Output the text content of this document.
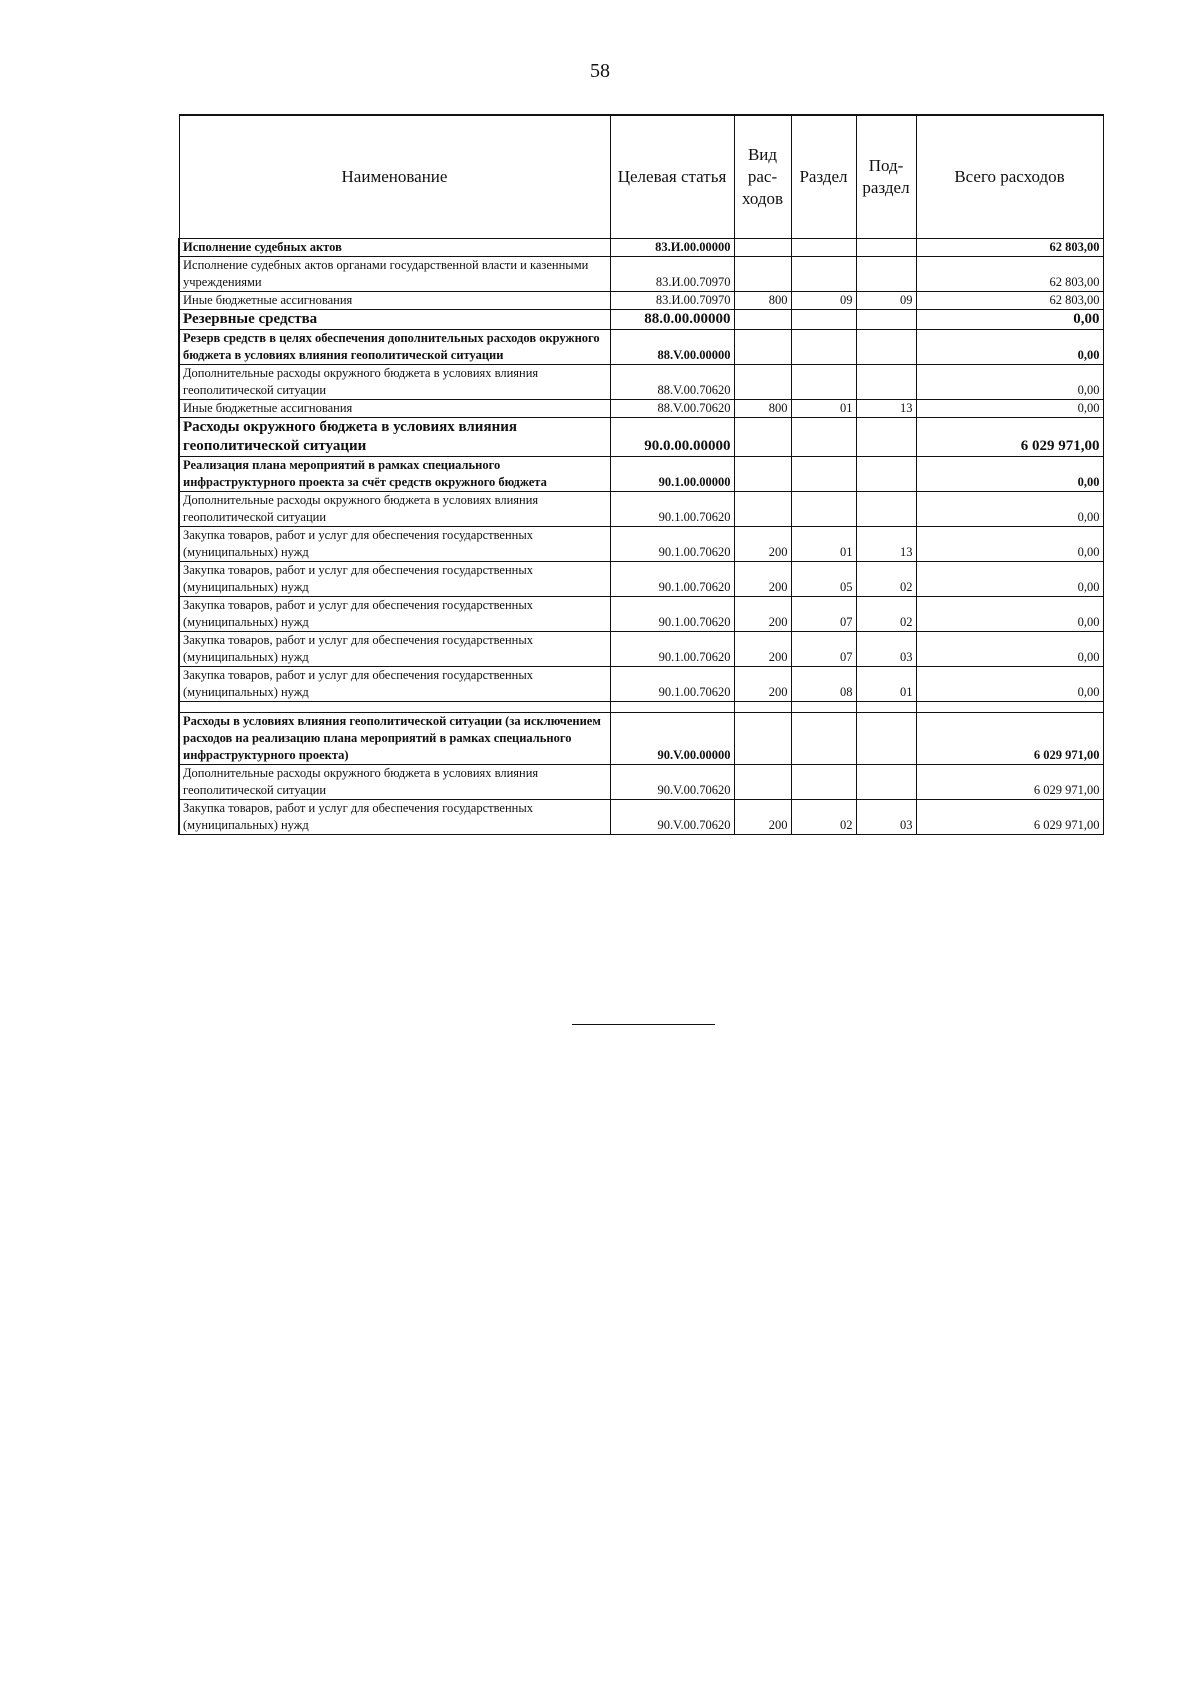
58
Наименование	Целевая статья	Вид рас- ходов	Раздел	Под- раздел	Всего расходов
Исполнение судебных актов	83.И.00.00000				62 803,00
Исполнение судебных актов органами государственной власти и казенными учреждениями	83.И.00.70970				62 803,00
Иные бюджетные ассигнования	83.И.00.70970	800	09	09	62 803,00
Резервные средства	88.0.00.00000				0,00
Резерв средств в целях обеспечения дополнительных расходов окружного бюджета в условиях влияния геополитической ситуации	88.V.00.00000				0,00
Дополнительные расходы окружного бюджета в условиях влияния геополитической ситуации	88.V.00.70620				0,00
Иные бюджетные ассигнования	88.V.00.70620	800	01	13	0,00
Расходы окружного бюджета в условиях влияния геополитической ситуации	90.0.00.00000				6 029 971,00
Реализация плана мероприятий в рамках специального инфраструктурного проекта за счёт средств окружного бюджета	90.1.00.00000				0,00
Дополнительные расходы окружного бюджета в условиях влияния геополитической ситуации	90.1.00.70620				0,00
Закупка товаров, работ и услуг для обеспечения государственных (муниципальных) нужд	90.1.00.70620	200	01	13	0,00
Закупка товаров, работ и услуг для обеспечения государственных (муниципальных) нужд	90.1.00.70620	200	05	02	0,00
Закупка товаров, работ и услуг для обеспечения государственных (муниципальных) нужд	90.1.00.70620	200	07	02	0,00
Закупка товаров, работ и услуг для обеспечения государственных (муниципальных) нужд	90.1.00.70620	200	07	03	0,00
Закупка товаров, работ и услуг для обеспечения государственных (муниципальных) нужд	90.1.00.70620	200	08	01	0,00

Расходы в условиях влияния геополитической ситуации (за исключением расходов на реализацию плана мероприятий в рамках специального инфраструктурного проекта)	90.V.00.00000				6 029 971,00
Дополнительные расходы окружного бюджета в условиях влияния геополитической ситуации	90.V.00.70620				6 029 971,00
Закупка товаров, работ и услуг для обеспечения государственных (муниципальных) нужд	90.V.00.70620	200	02	03	6 029 971,00
